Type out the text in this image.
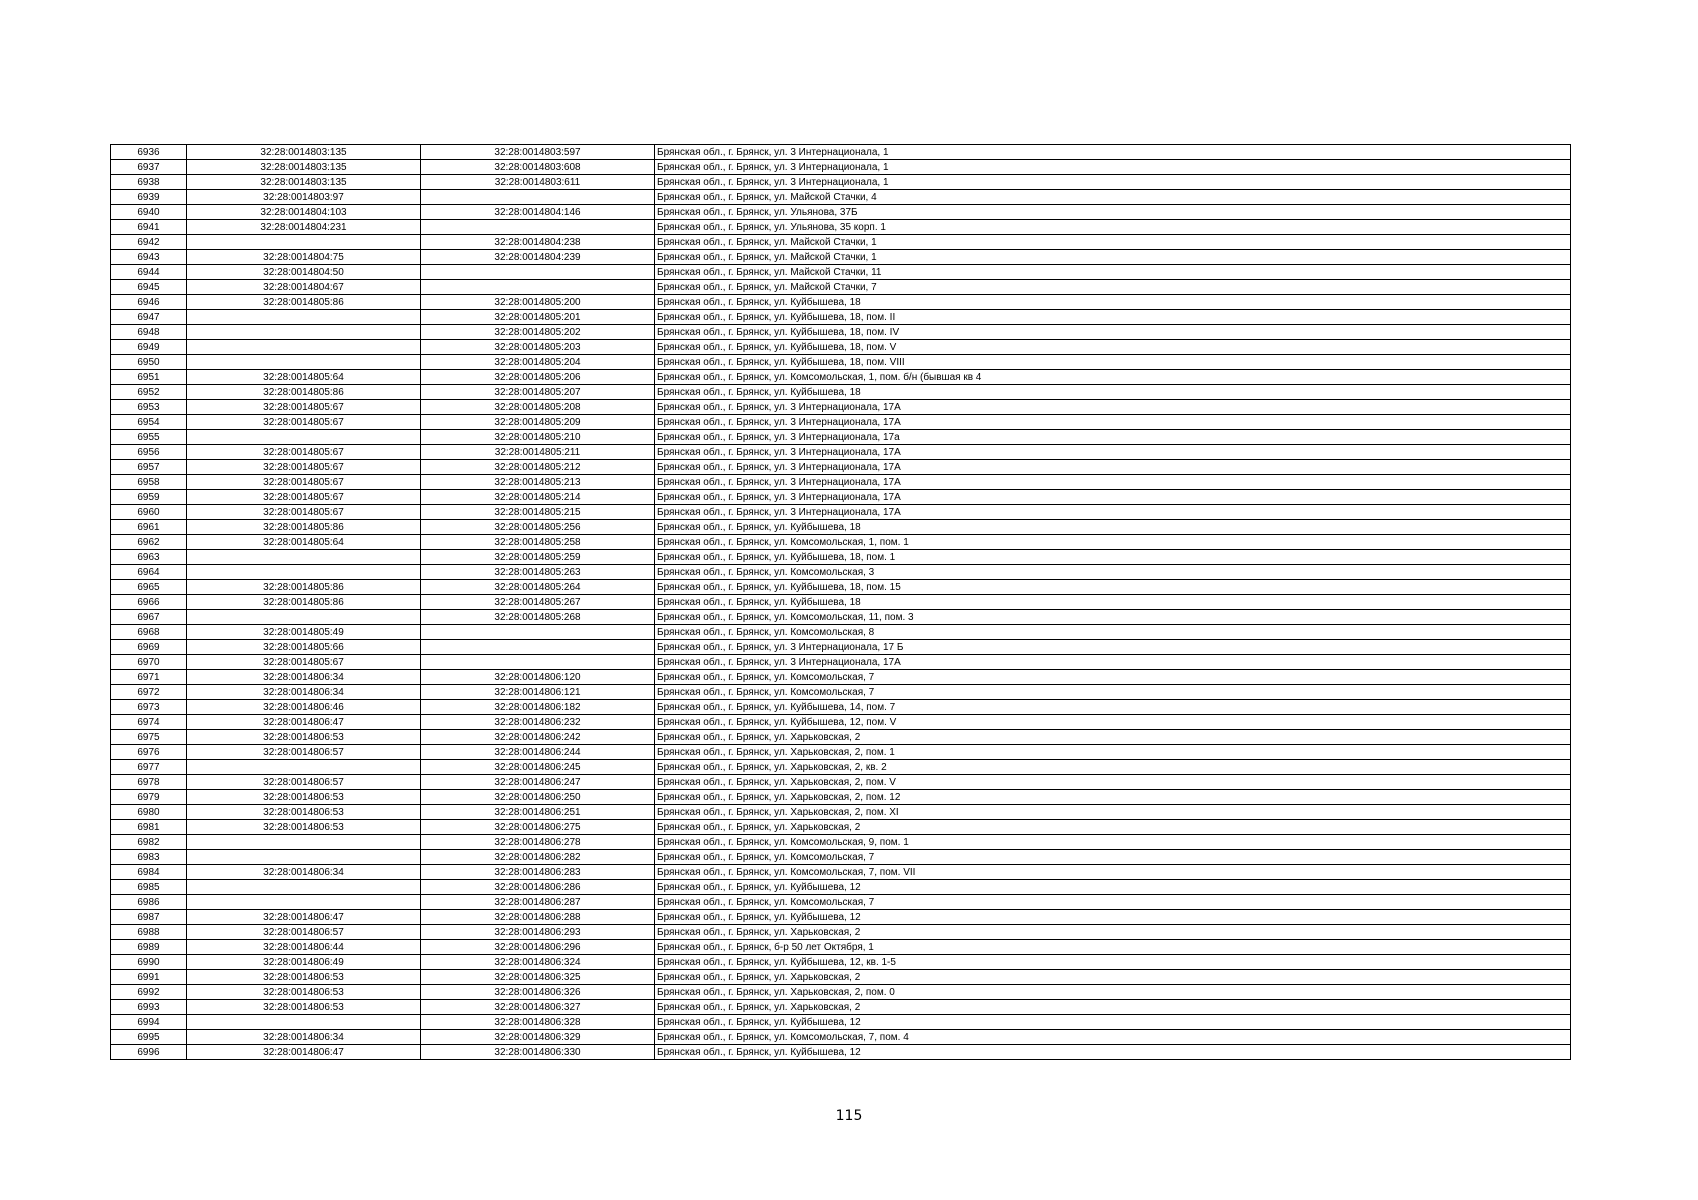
6936	32:28:0014803:135	32:28:0014803:597	Брянская обл., г. Брянск, ул. 3 Интернационала, 1
6937	32:28:0014803:135	32:28:0014803:608	Брянская обл., г. Брянск, ул. 3 Интернационала, 1
6938	32:28:0014803:135	32:28:0014803:611	Брянская обл., г. Брянск, ул. 3 Интернационала, 1
6939	32:28:0014803:97		Брянская обл., г. Брянск, ул. Майской Стачки, 4
6940	32:28:0014804:103	32:28:0014804:146	Брянская обл., г. Брянск, ул. Ульянова, 37Б
6941	32:28:0014804:231		Брянская обл., г. Брянск, ул. Ульянова, 35 корп. 1
6942		32:28:0014804:238	Брянская обл., г. Брянск, ул. Майской Стачки, 1
6943	32:28:0014804:75	32:28:0014804:239	Брянская обл., г. Брянск, ул. Майской Стачки, 1
6944	32:28:0014804:50		Брянская обл., г. Брянск, ул. Майской Стачки, 11
6945	32:28:0014804:67		Брянская обл., г. Брянск, ул. Майской Стачки, 7
6946	32:28:0014805:86	32:28:0014805:200	Брянская обл., г. Брянск, ул. Куйбышева, 18
6947		32:28:0014805:201	Брянская обл., г. Брянск, ул. Куйбышева, 18, пом. II
6948		32:28:0014805:202	Брянская обл., г. Брянск, ул. Куйбышева, 18, пом. IV
6949		32:28:0014805:203	Брянская обл., г. Брянск, ул. Куйбышева, 18, пом. V
6950		32:28:0014805:204	Брянская обл., г. Брянск, ул. Куйбышева, 18, пом. VIII
6951	32:28:0014805:64	32:28:0014805:206	Брянская обл., г. Брянск, ул. Комсомольская, 1, пом. б/н (бывшая кв 4
6952	32:28:0014805:86	32:28:0014805:207	Брянская обл., г. Брянск, ул. Куйбышева, 18
6953	32:28:0014805:67	32:28:0014805:208	Брянская обл., г. Брянск, ул. 3 Интернационала, 17А
6954	32:28:0014805:67	32:28:0014805:209	Брянская обл., г. Брянск, ул. 3 Интернационала, 17А
6955		32:28:0014805:210	Брянская обл., г. Брянск, ул. 3 Интернационала, 17а
6956	32:28:0014805:67	32:28:0014805:211	Брянская обл., г. Брянск, ул. 3 Интернационала, 17А
6957	32:28:0014805:67	32:28:0014805:212	Брянская обл., г. Брянск, ул. 3 Интернационала, 17А
6958	32:28:0014805:67	32:28:0014805:213	Брянская обл., г. Брянск, ул. 3 Интернационала, 17А
6959	32:28:0014805:67	32:28:0014805:214	Брянская обл., г. Брянск, ул. 3 Интернационала, 17А
6960	32:28:0014805:67	32:28:0014805:215	Брянская обл., г. Брянск, ул. 3 Интернационала, 17А
6961	32:28:0014805:86	32:28:0014805:256	Брянская обл., г. Брянск, ул. Куйбышева, 18
6962	32:28:0014805:64	32:28:0014805:258	Брянская обл., г. Брянск, ул. Комсомольская, 1, пом. 1
6963		32:28:0014805:259	Брянская обл., г. Брянск, ул. Куйбышева, 18, пом. 1
6964		32:28:0014805:263	Брянская обл., г. Брянск, ул. Комсомольская, 3
6965	32:28:0014805:86	32:28:0014805:264	Брянская обл., г. Брянск, ул. Куйбышева, 18, пом. 15
6966	32:28:0014805:86	32:28:0014805:267	Брянская обл., г. Брянск, ул. Куйбышева, 18
6967		32:28:0014805:268	Брянская обл., г. Брянск, ул. Комсомольская, 11, пом. 3
6968	32:28:0014805:49		Брянская обл., г. Брянск, ул. Комсомольская, 8
6969	32:28:0014805:66		Брянская обл., г. Брянск, ул. 3 Интернационала, 17 Б
6970	32:28:0014805:67		Брянская обл., г. Брянск, ул. 3 Интернационала, 17А
6971	32:28:0014806:34	32:28:0014806:120	Брянская обл., г. Брянск, ул. Комсомольская, 7
6972	32:28:0014806:34	32:28:0014806:121	Брянская обл., г. Брянск, ул. Комсомольская, 7
6973	32:28:0014806:46	32:28:0014806:182	Брянская обл., г. Брянск, ул. Куйбышева, 14, пом. 7
6974	32:28:0014806:47	32:28:0014806:232	Брянская обл., г. Брянск, ул. Куйбышева, 12, пом. V
6975	32:28:0014806:53	32:28:0014806:242	Брянская обл., г. Брянск, ул. Харьковская, 2
6976	32:28:0014806:57	32:28:0014806:244	Брянская обл., г. Брянск, ул. Харьковская, 2, пом. 1
6977		32:28:0014806:245	Брянская обл., г. Брянск, ул. Харьковская, 2, кв. 2
6978	32:28:0014806:57	32:28:0014806:247	Брянская обл., г. Брянск, ул. Харьковская, 2, пом. V
6979	32:28:0014806:53	32:28:0014806:250	Брянская обл., г. Брянск, ул. Харьковская, 2, пом. 12
6980	32:28:0014806:53	32:28:0014806:251	Брянская обл., г. Брянск, ул. Харьковская, 2, пом. XI
6981	32:28:0014806:53	32:28:0014806:275	Брянская обл., г. Брянск, ул. Харьковская, 2
6982		32:28:0014806:278	Брянская обл., г. Брянск, ул. Комсомольская, 9, пом. 1
6983		32:28:0014806:282	Брянская обл., г. Брянск, ул. Комсомольская, 7
6984	32:28:0014806:34	32:28:0014806:283	Брянская обл., г. Брянск, ул. Комсомольская, 7, пом. VII
6985		32:28:0014806:286	Брянская обл., г. Брянск, ул. Куйбышева, 12
6986		32:28:0014806:287	Брянская обл., г. Брянск, ул. Комсомольская, 7
6987	32:28:0014806:47	32:28:0014806:288	Брянская обл., г. Брянск, ул. Куйбышева, 12
6988	32:28:0014806:57	32:28:0014806:293	Брянская обл., г. Брянск, ул. Харьковская, 2
6989	32:28:0014806:44	32:28:0014806:296	Брянская обл., г. Брянск, б-р 50 лет Октября, 1
6990	32:28:0014806:49	32:28:0014806:324	Брянская обл., г. Брянск, ул. Куйбышева, 12, кв. 1-5
6991	32:28:0014806:53	32:28:0014806:325	Брянская обл., г. Брянск, ул. Харьковская, 2
6992	32:28:0014806:53	32:28:0014806:326	Брянская обл., г. Брянск, ул. Харьковская, 2, пом. 0
6993	32:28:0014806:53	32:28:0014806:327	Брянская обл., г. Брянск, ул. Харьковская, 2
6994		32:28:0014806:328	Брянская обл., г. Брянск, ул. Куйбышева, 12
6995	32:28:0014806:34	32:28:0014806:329	Брянская обл., г. Брянск, ул. Комсомольская, 7, пом. 4
6996	32:28:0014806:47	32:28:0014806:330	Брянская обл., г. Брянск, ул. Куйбышева, 12
115
